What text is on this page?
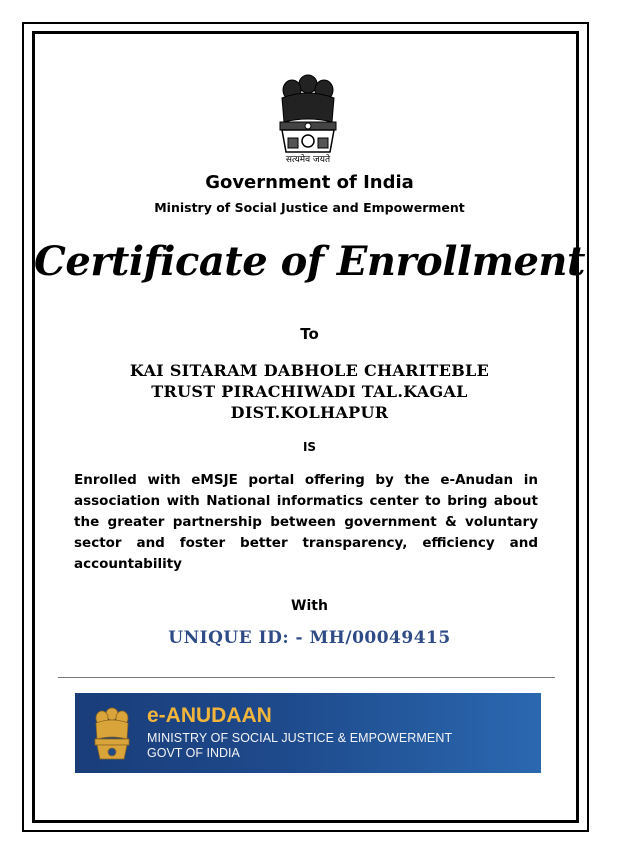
सत्यमेव जयते
Government of India
Ministry of Social Justice and Empowerment
Certificate of Enrollment
To
KAI SITARAM DABHOLE CHARITEBLE
TRUST PIRACHIWADI TAL.KAGAL
DIST.KOLHAPUR
IS
Enrolled with eMSJE portal offering by the e-Anudan in association with National informatics center to bring about the greater partnership between government & voluntary sector and foster better transparency, efficiency and accountability
With
UNIQUE ID: - MH/00049415
e-ANUDAAN
MINISTRY OF SOCIAL JUSTICE & EMPOWERMENT
GOVT OF INDIA
